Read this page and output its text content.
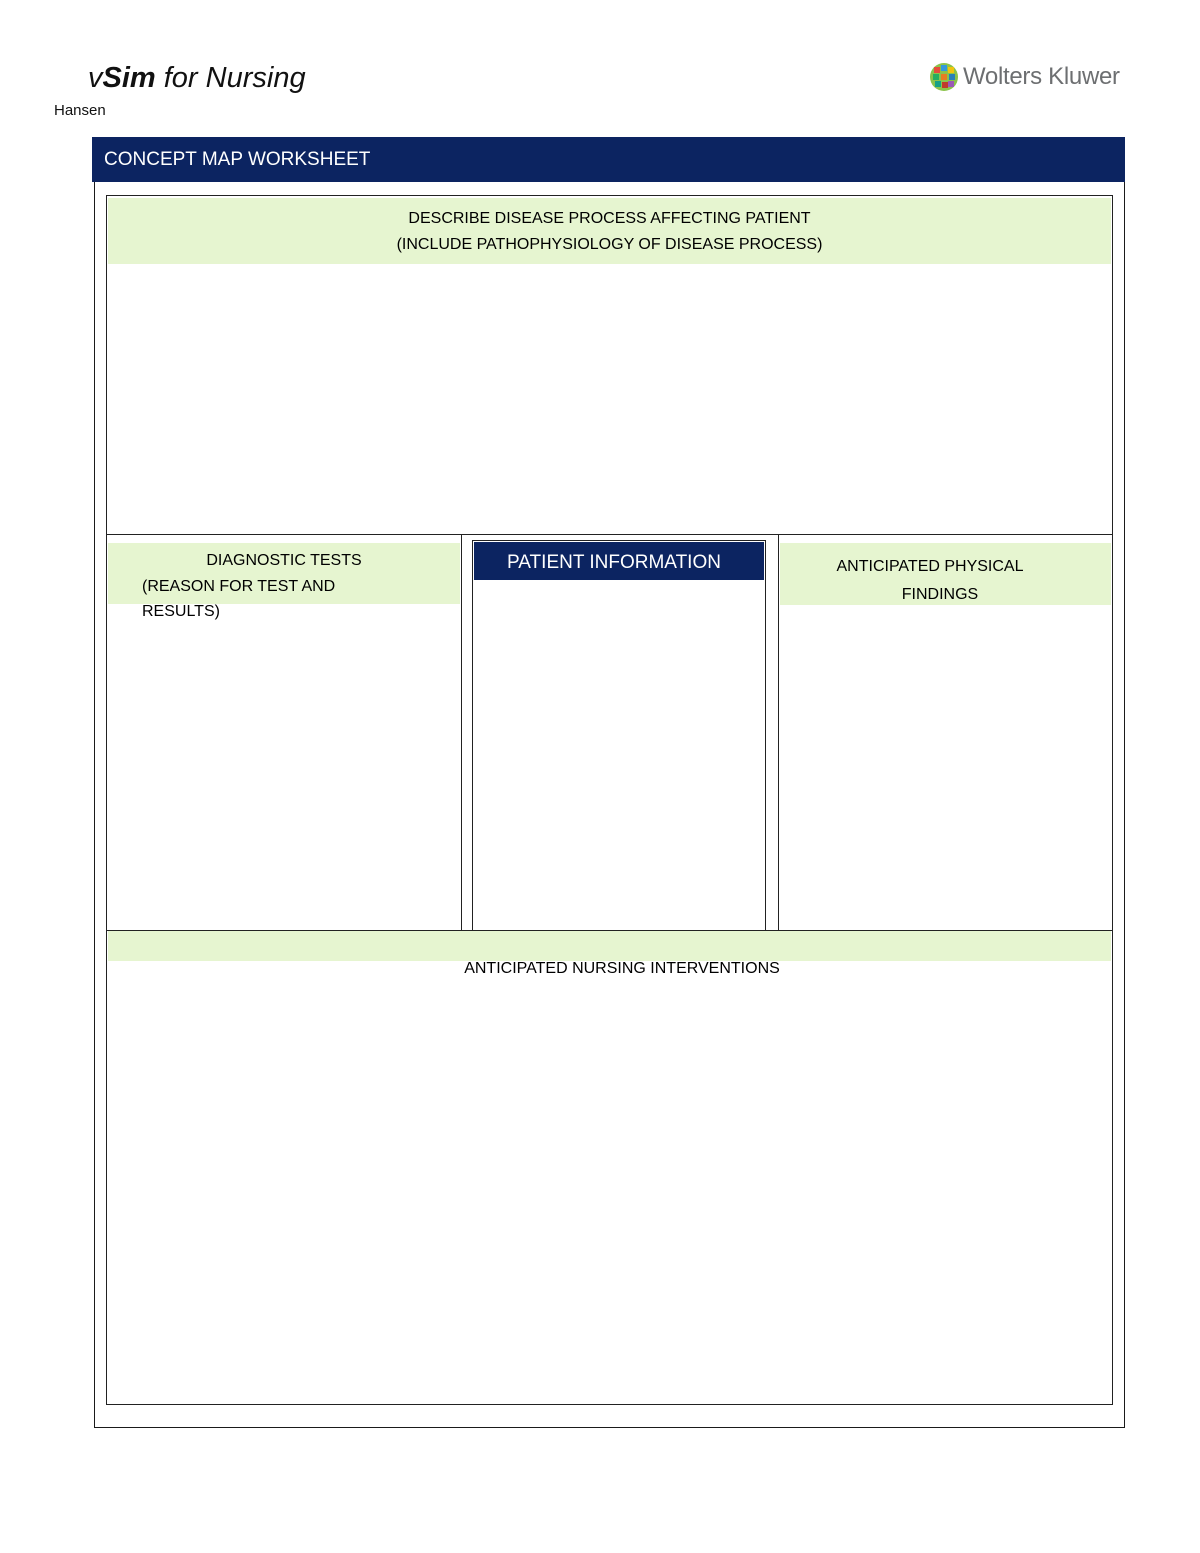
vSim for Nursing
Hansen
Wolters Kluwer
CONCEPT MAP WORKSHEET
DESCRIBE DISEASE PROCESS AFFECTING PATIENT
(INCLUDE PATHOPHYSIOLOGY OF DISEASE PROCESS)
DIAGNOSTIC TESTS
(REASON FOR TEST AND
RESULTS)
PATIENT INFORMATION	ANTICIPATED PHYSICAL
FINDINGS
ANTICIPATED NURSING INTERVENTIONS
